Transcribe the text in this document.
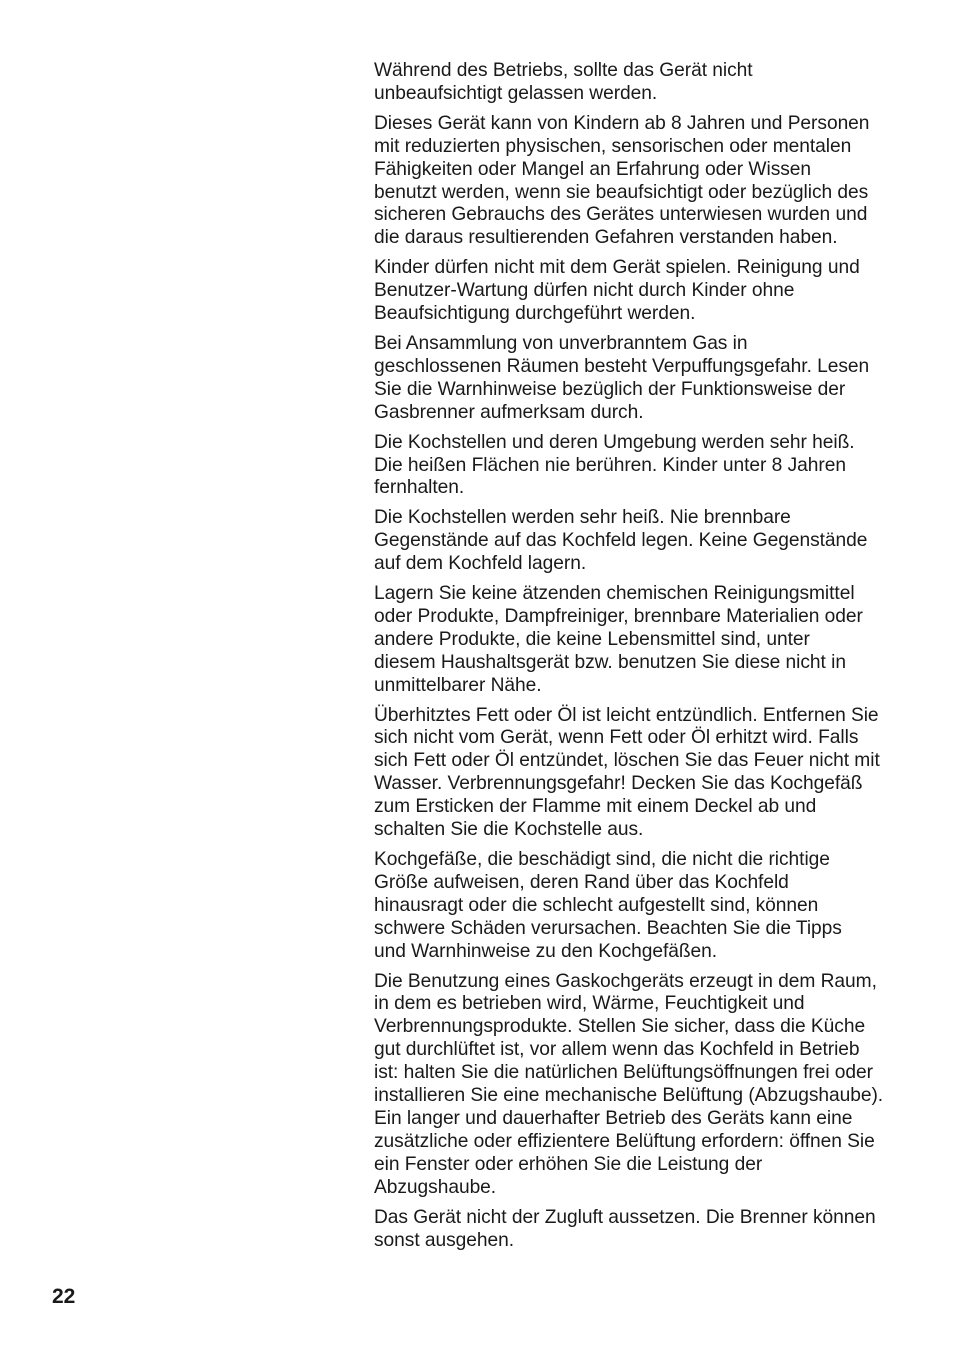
Während des Betriebs, sollte das Gerät nicht
unbeaufsichtigt gelassen werden.

Dieses Gerät kann von Kindern ab 8 Jahren und Personen
mit reduzierten physischen, sensorischen oder mentalen
Fähigkeiten oder Mangel an Erfahrung oder Wissen
benutzt werden, wenn sie beaufsichtigt oder bezüglich des
sicheren Gebrauchs des Gerätes unterwiesen wurden und
die daraus resultierenden Gefahren verstanden haben.

Kinder dürfen nicht mit dem Gerät spielen. Reinigung und
Benutzer-Wartung dürfen nicht durch Kinder ohne
Beaufsichtigung durchgeführt werden.

Bei Ansammlung von unverbranntem Gas in
geschlossenen Räumen besteht Verpuffungsgefahr. Lesen
Sie die Warnhinweise bezüglich der Funktionsweise der
Gasbrenner aufmerksam durch.

Die Kochstellen und deren Umgebung werden sehr heiß.
Die heißen Flächen nie berühren. Kinder unter 8 Jahren
fernhalten.

Die Kochstellen werden sehr heiß. Nie brennbare
Gegenstände auf das Kochfeld legen. Keine Gegenstände
auf dem Kochfeld lagern.

Lagern Sie keine ätzenden chemischen Reinigungsmittel
oder Produkte, Dampfreiniger, brennbare Materialien oder
andere Produkte, die keine Lebensmittel sind, unter
diesem Haushaltsgerät bzw. benutzen Sie diese nicht in
unmittelbarer Nähe.

Überhitztes Fett oder Öl ist leicht entzündlich. Entfernen Sie
sich nicht vom Gerät, wenn Fett oder Öl erhitzt wird. Falls
sich Fett oder Öl entzündet, löschen Sie das Feuer nicht mit
Wasser. Verbrennungsgefahr! Decken Sie das Kochgefäß
zum Ersticken der Flamme mit einem Deckel ab und
schalten Sie die Kochstelle aus.

Kochgefäße, die beschädigt sind, die nicht die richtige
Größe aufweisen, deren Rand über das Kochfeld
hinausragt oder die schlecht aufgestellt sind, können
schwere Schäden verursachen. Beachten Sie die Tipps
und Warnhinweise zu den Kochgefäßen.

Die Benutzung eines Gaskochgeräts erzeugt in dem Raum,
in dem es betrieben wird, Wärme, Feuchtigkeit und
Verbrennungsprodukte. Stellen Sie sicher, dass die Küche
gut durchlüftet ist, vor allem wenn das Kochfeld in Betrieb
ist: halten Sie die natürlichen Belüftungsöffnungen frei oder
installieren Sie eine mechanische Belüftung (Abzugshaube).
Ein langer und dauerhafter Betrieb des Geräts kann eine
zusätzliche oder effizientere Belüftung erfordern: öffnen Sie
ein Fenster oder erhöhen Sie die Leistung der
Abzugshaube.

Das Gerät nicht der Zugluft aussetzen. Die Brenner können
sonst ausgehen.

22
